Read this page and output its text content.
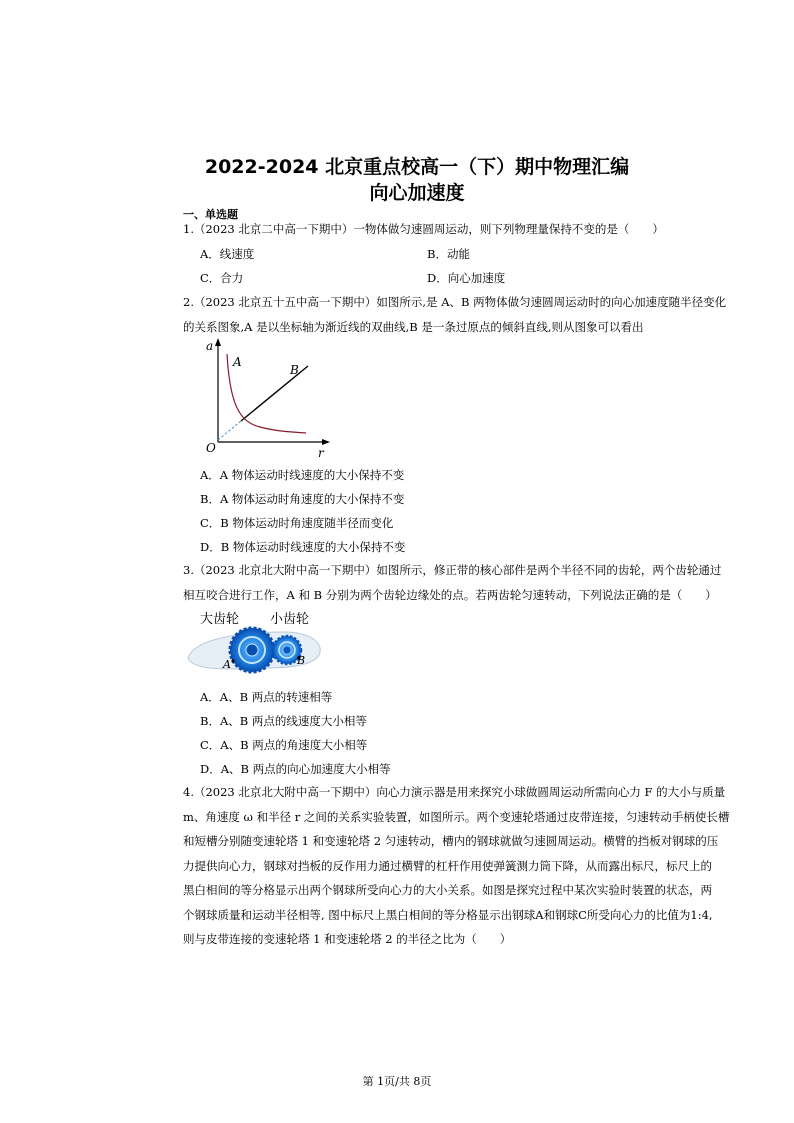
2022-2024 北京重点校高一（下）期中物理汇编
向心加速度
一、单选题
1.（2023 北京二中高一下期中）一物体做匀速圆周运动，则下列物理量保持不变的是（　　）
A．线速度	B．动能
C．合力	D．向心加速度
2.（2023 北京五十五中高一下期中）如图所示,是 A、B 两物体做匀速圆周运动时的向心加速度随半径变化
的关系图象,A 是以坐标轴为渐近线的双曲线,B 是一条过原点的倾斜直线,则从图象可以看出
a
r
O
A
B
A．A 物体运动时线速度的大小保持不变
B．A 物体运动时角速度的大小保持不变
C．B 物体运动时角速度随半径而变化
D．B 物体运动时线速度的大小保持不变
3.（2023 北京北大附中高一下期中）如图所示，修正带的核心部件是两个半径不同的齿轮，两个齿轮通过
相互咬合进行工作，A 和 B 分别为两个齿轮边缘处的点。若两齿轮匀速转动，下列说法正确的是（　　）
大齿轮 小齿轮
A	B
A．A、B 两点的转速相等
B．A、B 两点的线速度大小相等
C．A、B 两点的角速度大小相等
D．A、B 两点的向心加速度大小相等
4.（2023 北京北大附中高一下期中）向心力演示器是用来探究小球做圆周运动所需向心力 F 的大小与质量
m、角速度 ω 和半径 r 之间的关系实验装置，如图所示。两个变速轮塔通过皮带连接，匀速转动手柄使长槽
和短槽分别随变速轮塔 1 和变速轮塔 2 匀速转动，槽内的钢球就做匀速圆周运动。横臂的挡板对钢球的压
力提供向心力，钢球对挡板的反作用力通过横臂的杠杆作用使弹簧测力筒下降，从而露出标尺，标尺上的
黑白相间的等分格显示出两个钢球所受向心力的大小关系。如图是探究过程中某次实验时装置的状态，两
个钢球质量和运动半径相等, 图中标尺上黑白相间的等分格显示出钢球A和钢球C所受向心力的比值为1:4,
则与皮带连接的变速轮塔 1 和变速轮塔 2 的半径之比为（　　）
第 1页/共 8页
